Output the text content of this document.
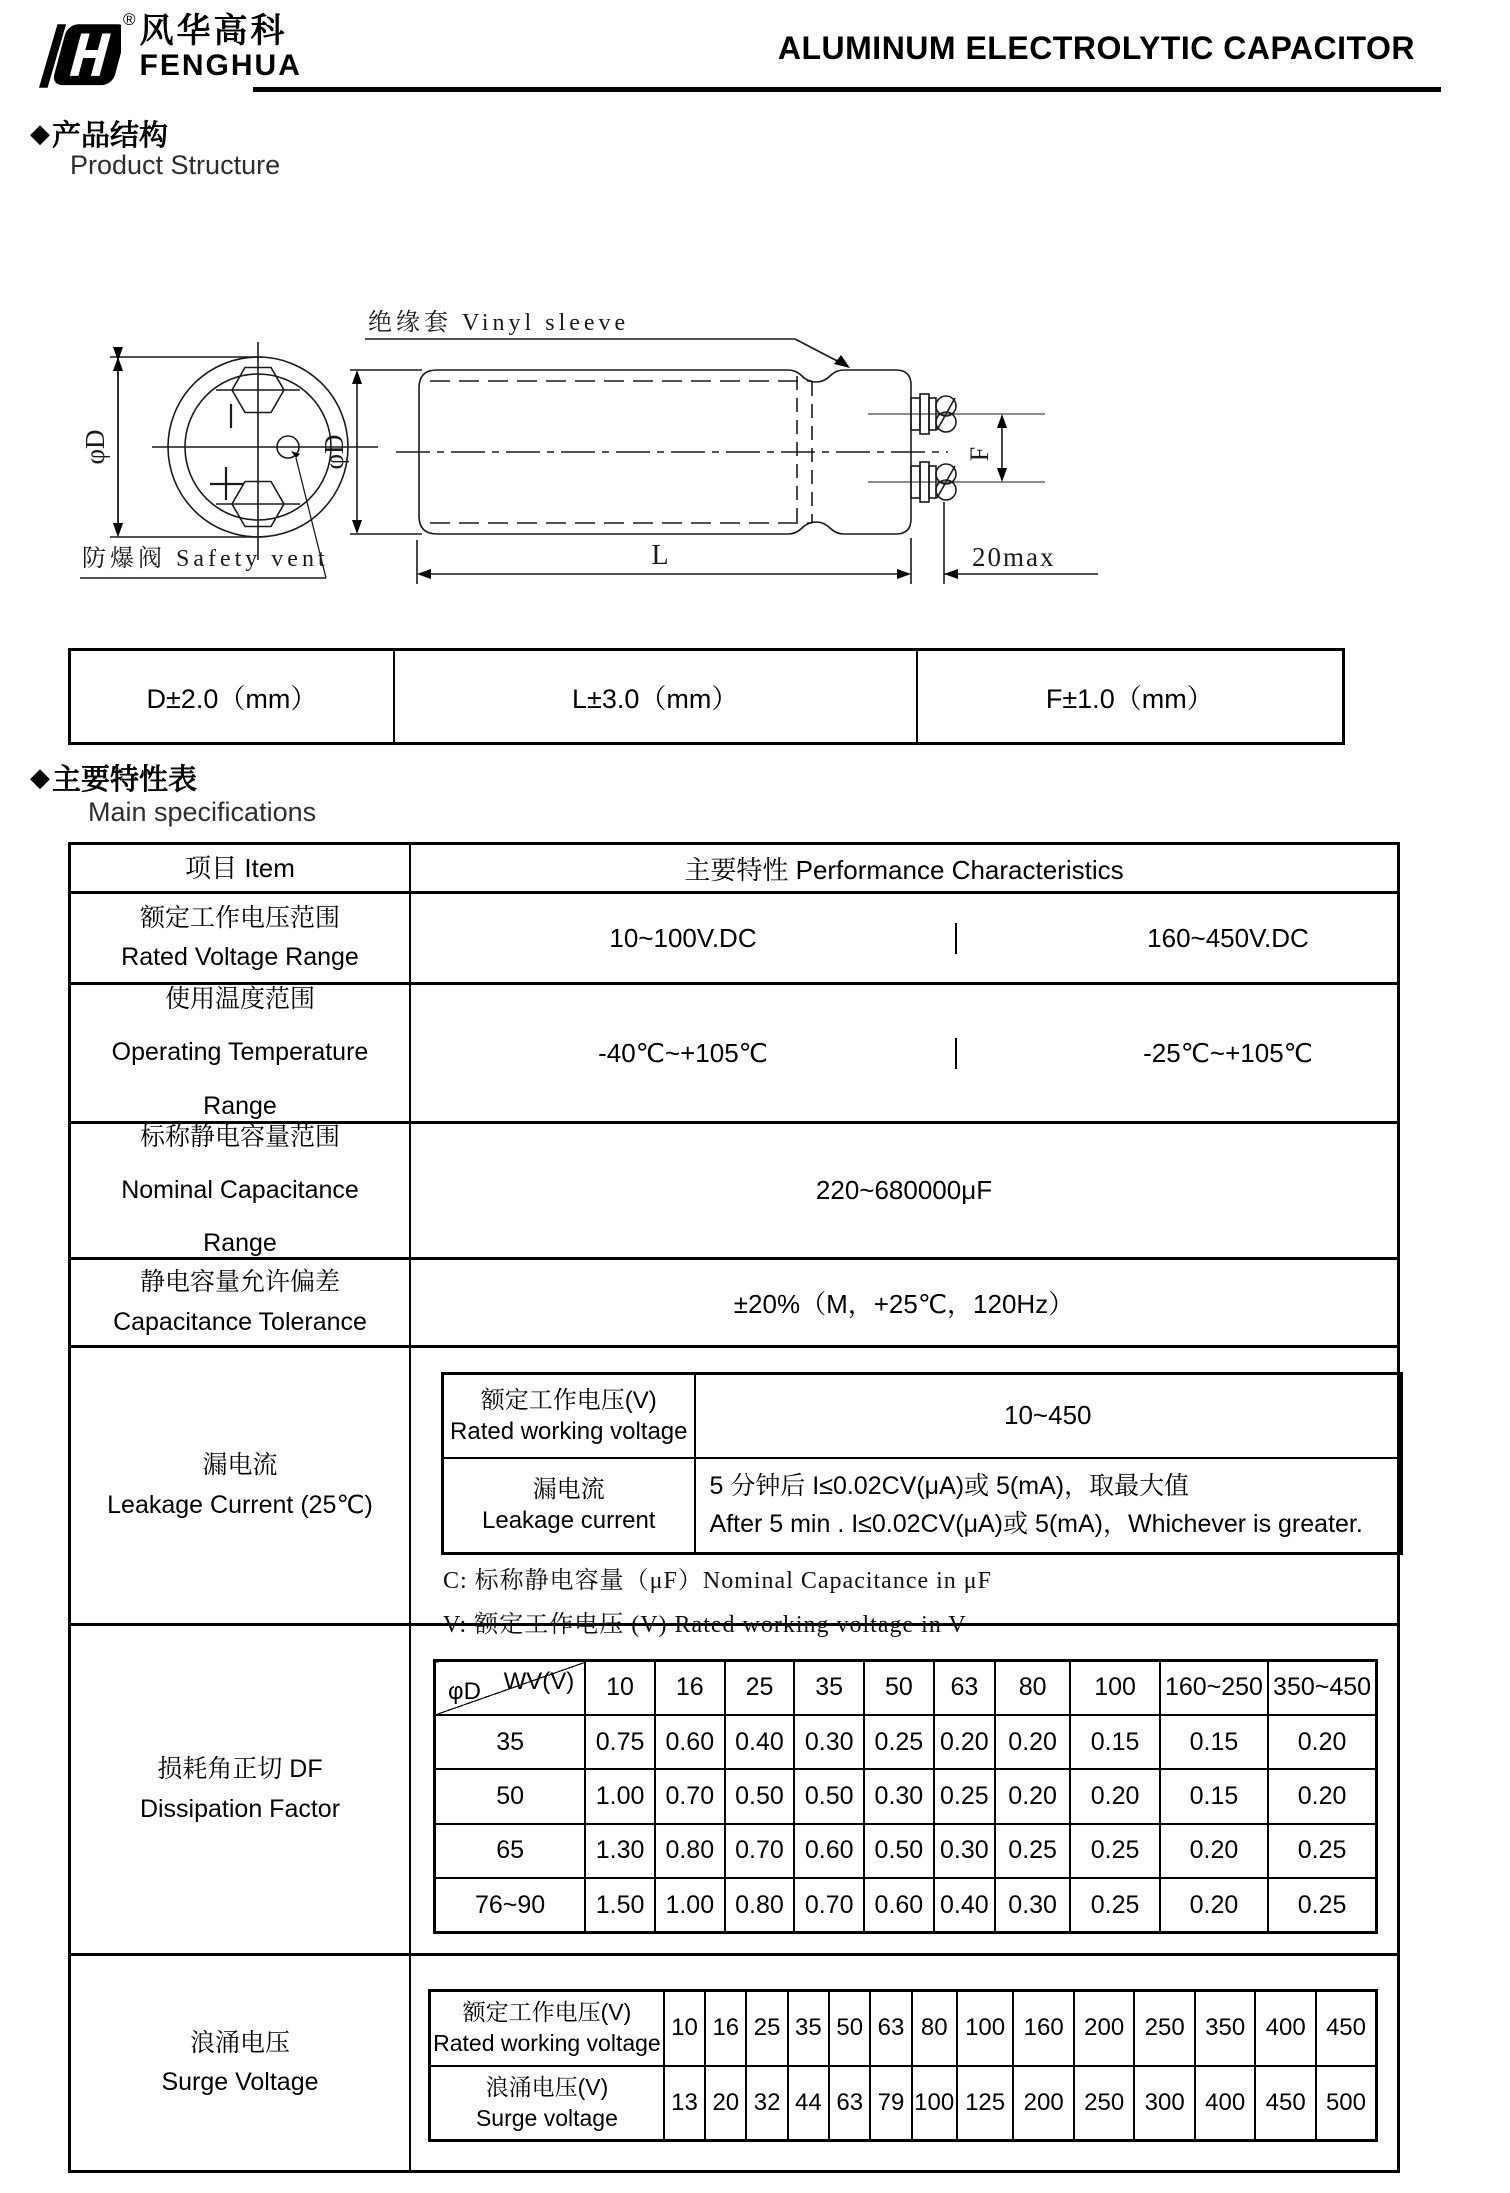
® 风华高科
FENGHUA	ALUMINUM ELECTROLYTIC CAPACITOR
◆ 产品结构
Product Structure
防爆阀 Safety vent
绝缘套 Vinyl sleeve
φD	φD
L
F
20max
D±2.0（mm）	L±3.0（mm）	F±1.0（mm）
◆ 主要特性表
Main specifications
项目 Item	主要特性 Performance Characteristics
额定工作电压范围
Rated Voltage Range
10~100V.DC	160~450V.DC
使用温度范围
Operating Temperature
Range
-40℃~+105℃	-25℃~+105℃
标称静电容量范围
Nominal Capacitance
Range
220~680000μF
静电容量允许偏差
Capacitance Tolerance
±20%（M，+25℃，120Hz）
漏电流
Leakage Current (25℃)
额定工作电压(V)
Rated working voltage	10~450

漏电流
Leakage current

5 分钟后 I≤0.02CV(μA)或 5(mA)，取最大值
After 5 min . I≤0.02CV(μA)或 5(mA)，Whichever is greater.
C: 标称静电容量（μF）Nominal Capacitance in μF
V: 额定工作电压 (V) Rated working voltage in V
损耗角正切 DF
Dissipation Factor
WV(V)
φD	10	16	25	35	50	63	80	100	160~250	350~450
35	0.75	0.60	0.40	0.30	0.25	0.20	0.20	0.15	0.15	0.20
50	1.00	0.70	0.50	0.50	0.30	0.25	0.20	0.20	0.15	0.20
65	1.30	0.80	0.70	0.60	0.50	0.30	0.25	0.25	0.20	0.25
76~90	1.50	1.00	0.80	0.70	0.60	0.40	0.30	0.25	0.20	0.25
浪涌电压
Surge Voltage
额定工作电压(V)
Rated working voltage	10	16	25	35	50	63	80	100	160	200	250	350	400	450

浪涌电压(V)
Surge voltage	13	20	32	44	63	79	100	125	200	250	300	400	450	500
